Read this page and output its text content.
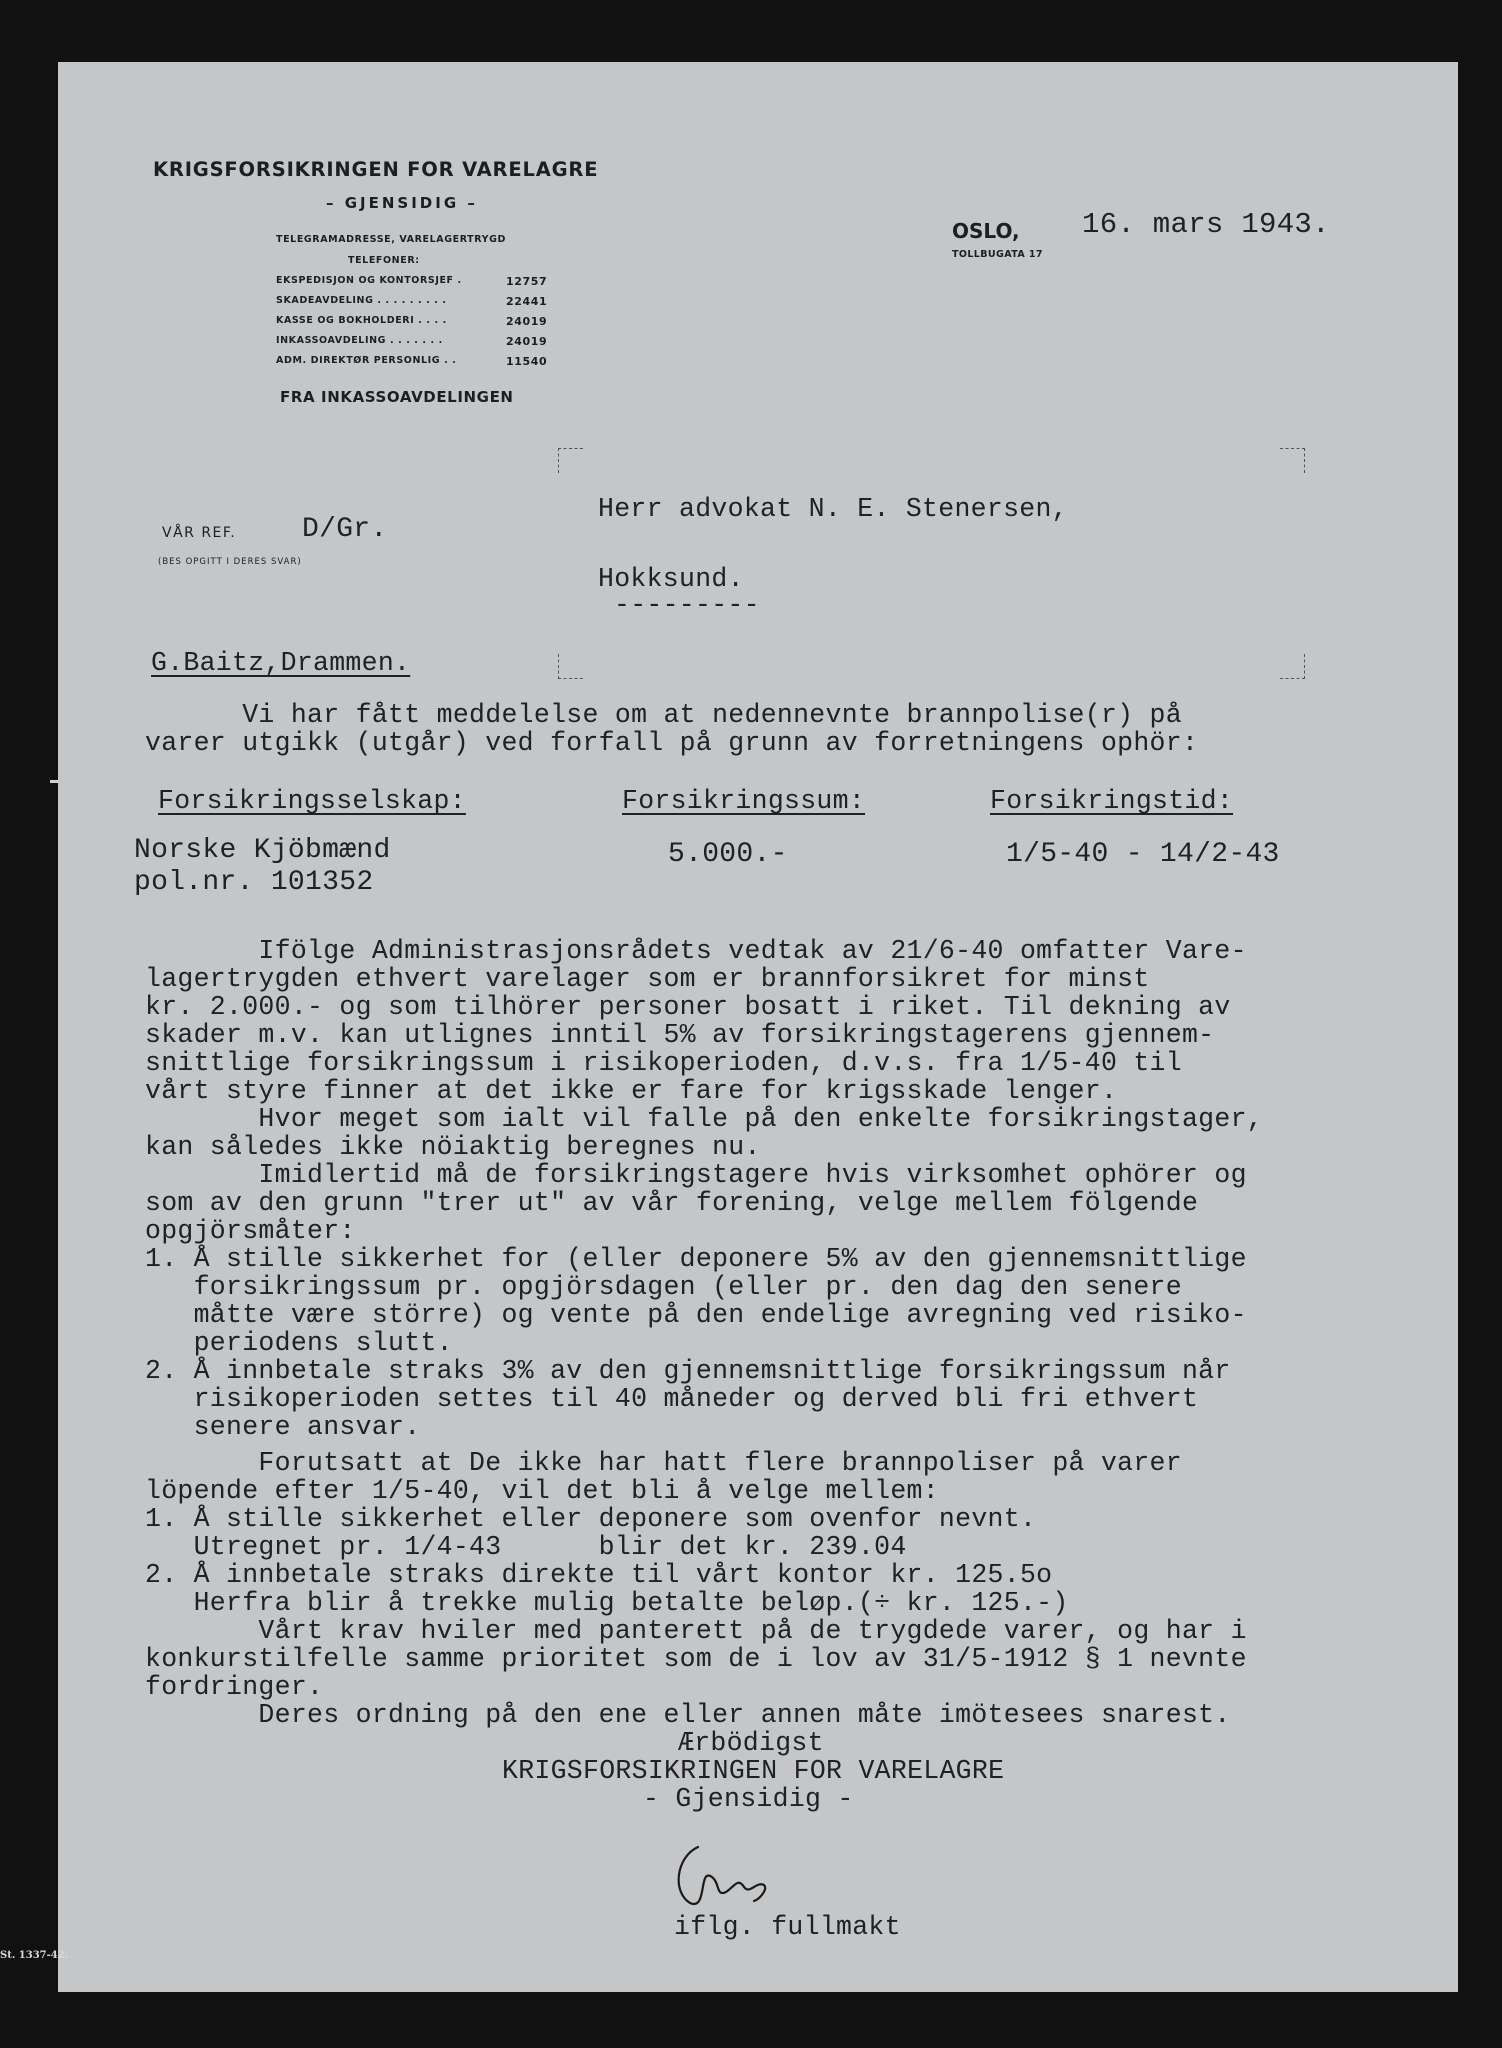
KRIGSFORSIKRINGEN FOR VARELAGRE
– GJENSIDIG –
TELEGRAMADRESSE, VARELAGERTRYGD
TELEFONER:
EKSPEDISJON OG KONTORSJEF .	12757
SKADEAVDELING . . . . . . . . .	22441
KASSE OG BOKHOLDERI . . . .	24019
INKASSOAVDELING . . . . . . .	24019
ADM. DIREKTØR PERSONLIG . .	11540
FRA INKASSOAVDELINGEN
OSLO,
TOLLBUGATA 17
16. mars 1943.
VÅR REF. D/Gr.
(BES OPGITT I DERES SVAR)
Herr advokat N. E. Stenersen,
Hokksund.
---------
G.Baitz,Drammen.
Vi har fått meddelelse om at nedennevnte brannpolise(r) på
varer utgikk (utgår) ved forfall på grunn av forretningens ophör:
Forsikringsselskap:	Forsikringssum:	Forsikringstid:
Norske Kjöbmænd
pol.nr. 101352
5.000.-	1/5-40 - 14/2-43
Ifölge Administrasjonsrådets vedtak av 21/6-40 omfatter Vare-
lagertrygden ethvert varelager som er brannforsikret for minst
kr. 2.000.- og som tilhörer personer bosatt i riket. Til dekning av
skader m.v. kan utlignes inntil 5% av forsikringstagerens gjennem-
snittlige forsikringssum i risikoperioden, d.v.s. fra 1/5-40 til
vårt styre finner at det ikke er fare for krigsskade lenger.
Hvor meget som ialt vil falle på den enkelte forsikringstager,
kan således ikke nöiaktig beregnes nu.
Imidlertid må de forsikringstagere hvis virksomhet ophörer og
som av den grunn "trer ut" av vår forening, velge mellem fölgende
opgjörsmåter:
1. Å stille sikkerhet for (eller deponere 5% av den gjennemsnittlige
forsikringssum pr. opgjörsdagen (eller pr. den dag den senere
måtte være större) og vente på den endelige avregning ved risiko-
periodens slutt.
2. Å innbetale straks 3% av den gjennemsnittlige forsikringssum når
risikoperioden settes til 40 måneder og derved bli fri ethvert
senere ansvar.
Forutsatt at De ikke har hatt flere brannpoliser på varer
löpende efter 1/5-40, vil det bli å velge mellem:
1. Å stille sikkerhet eller deponere som ovenfor nevnt.
Utregnet pr. 1/4-43      blir det kr. 239.04
2. Å innbetale straks direkte til vårt kontor kr. 125.5o
Herfra blir å trekke mulig betalte beløp.(÷ kr. 125.-)
Vårt krav hviler med panterett på de trygdede varer, og har i
konkurstilfelle samme prioritet som de i lov av 31/5-1912 § 1 nevnte
fordringer.
Deres ordning på den ene eller annen måte imötesees snarest.
Ærbödigst
KRIGSFORSIKRINGEN FOR VARELAGRE
- Gjensidig -
iflg. fullmakt
St. 1337-42.
